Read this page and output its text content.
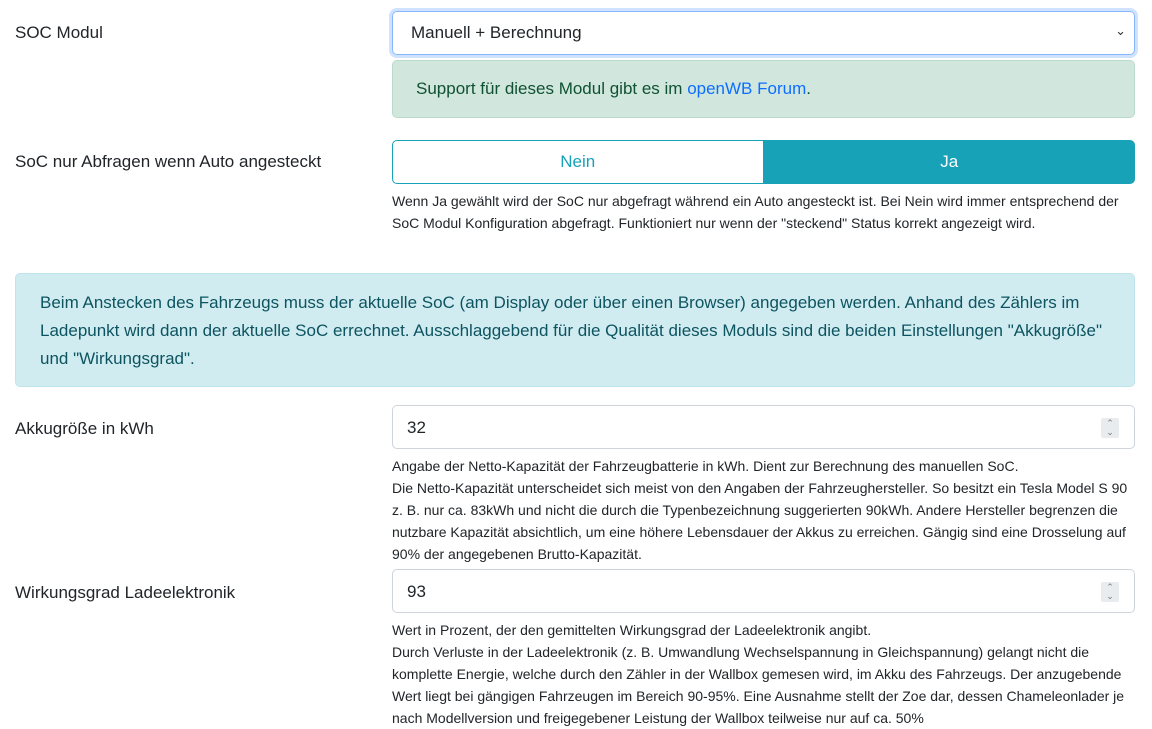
SOC Modul	Manuell + Berechnung	⌄
Support für dieses Modul gibt es im openWB Forum.
SoC nur Abfragen wenn Auto angesteckt	Nein	Ja
Wenn Ja gewählt wird der SoC nur abgefragt während ein Auto angesteckt ist. Bei Nein wird immer entsprechend der SoC Modul Konfiguration abgefragt. Funktioniert nur wenn der "steckend" Status korrekt angezeigt wird.
Beim Anstecken des Fahrzeugs muss der aktuelle SoC (am Display oder über einen Browser) angegeben werden. Anhand des Zählers im Ladepunkt wird dann der aktuelle SoC errechnet. Ausschlaggebend für die Qualität dieses Moduls sind die beiden Einstellungen "Akkugröße" und "Wirkungsgrad".
Akkugröße in kWh	32	⌃
⌄
Angabe der Netto-Kapazität der Fahrzeugbatterie in kWh. Dient zur Berechnung des manuellen SoC.
Die Netto-Kapazität unterscheidet sich meist von den Angaben der Fahrzeughersteller. So besitzt ein Tesla Model S 90 z. B. nur ca. 83kWh und nicht die durch die Typenbezeichnung suggerierten 90kWh. Andere Hersteller begrenzen die nutzbare Kapazität absichtlich, um eine höhere Lebensdauer der Akkus zu erreichen. Gängig sind eine Drosselung auf 90% der angegebenen Brutto-Kapazität.
Wirkungsgrad Ladeelektronik	93	⌃
⌄
Wert in Prozent, der den gemittelten Wirkungsgrad der Ladeelektronik angibt.
Durch Verluste in der Ladeelektronik (z. B. Umwandlung Wechselspannung in Gleichspannung) gelangt nicht die komplette Energie, welche durch den Zähler in der Wallbox gemesen wird, im Akku des Fahrzeugs. Der anzugebende Wert liegt bei gängigen Fahrzeugen im Bereich 90-95%. Eine Ausnahme stellt der Zoe dar, dessen Chameleonlader je nach Modellversion und freigegebener Leistung der Wallbox teilweise nur auf ca. 50%
